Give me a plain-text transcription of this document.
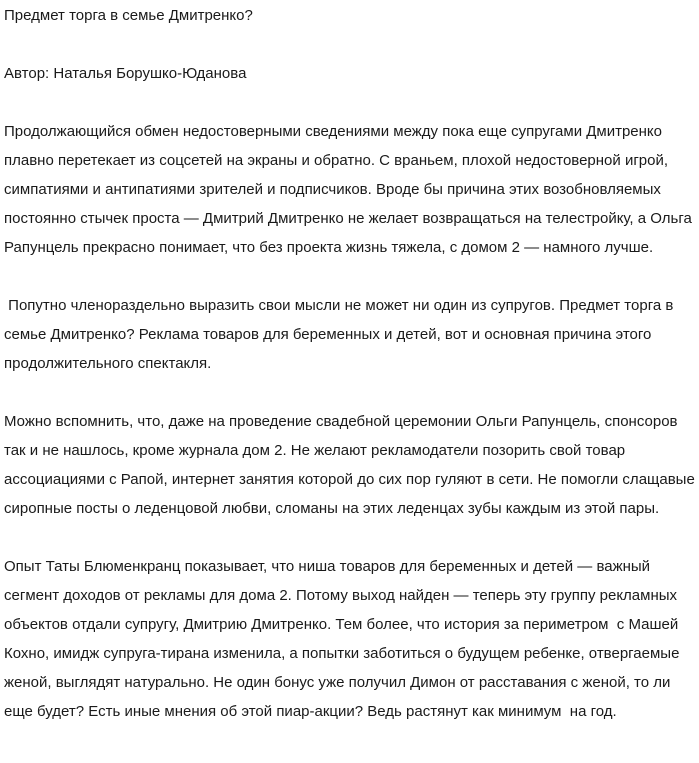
Предмет торга в семье Дмитренко?

Автор: Наталья Борушко-Юданова

Продолжающийся обмен недостоверными сведениями между пока еще супругами Дмитренко плавно перетекает из соцсетей на экраны и обратно. С враньем, плохой недостоверной игрой, симпатиями и антипатиями зрителей и подписчиков. Вроде бы причина этих возобновляемых постоянно стычек проста — Дмитрий Дмитренко не желает возвращаться на телестройку, а Ольга Рапунцель прекрасно понимает, что без проекта жизнь тяжела, с домом 2 — намного лучше.

Попутно членораздельно выразить свои мысли не может ни один из супругов. Предмет торга в семье Дмитренко? Реклама товаров для беременных и детей, вот и основная причина этого продолжительного спектакля.

Можно вспомнить, что, даже на проведение свадебной церемонии Ольги Рапунцель, спонсоров так и не нашлось, кроме журнала дом 2. Не желают рекламодатели позорить свой товар ассоциациями с Рапой, интернет занятия которой до сих пор гуляют в сети. Не помогли слащавые сиропные посты о леденцовой любви, сломаны на этих леденцах зубы каждым из этой пары.

Опыт Таты Блюменкранц показывает, что ниша товаров для беременных и детей — важный сегмент доходов от рекламы для дома 2. Потому выход найден — теперь эту группу рекламных объектов отдали супругу, Дмитрию Дмитренко. Тем более, что история за периметром  с Машей Кохно, имидж супруга-тирана изменила, а попытки заботиться о будущем ребенке, отвергаемые женой, выглядят натурально. Не один бонус уже получил Димон от расставания с женой, то ли еще будет? Есть иные мнения об этой пиар-акции? Ведь растянут как минимум  на год.
